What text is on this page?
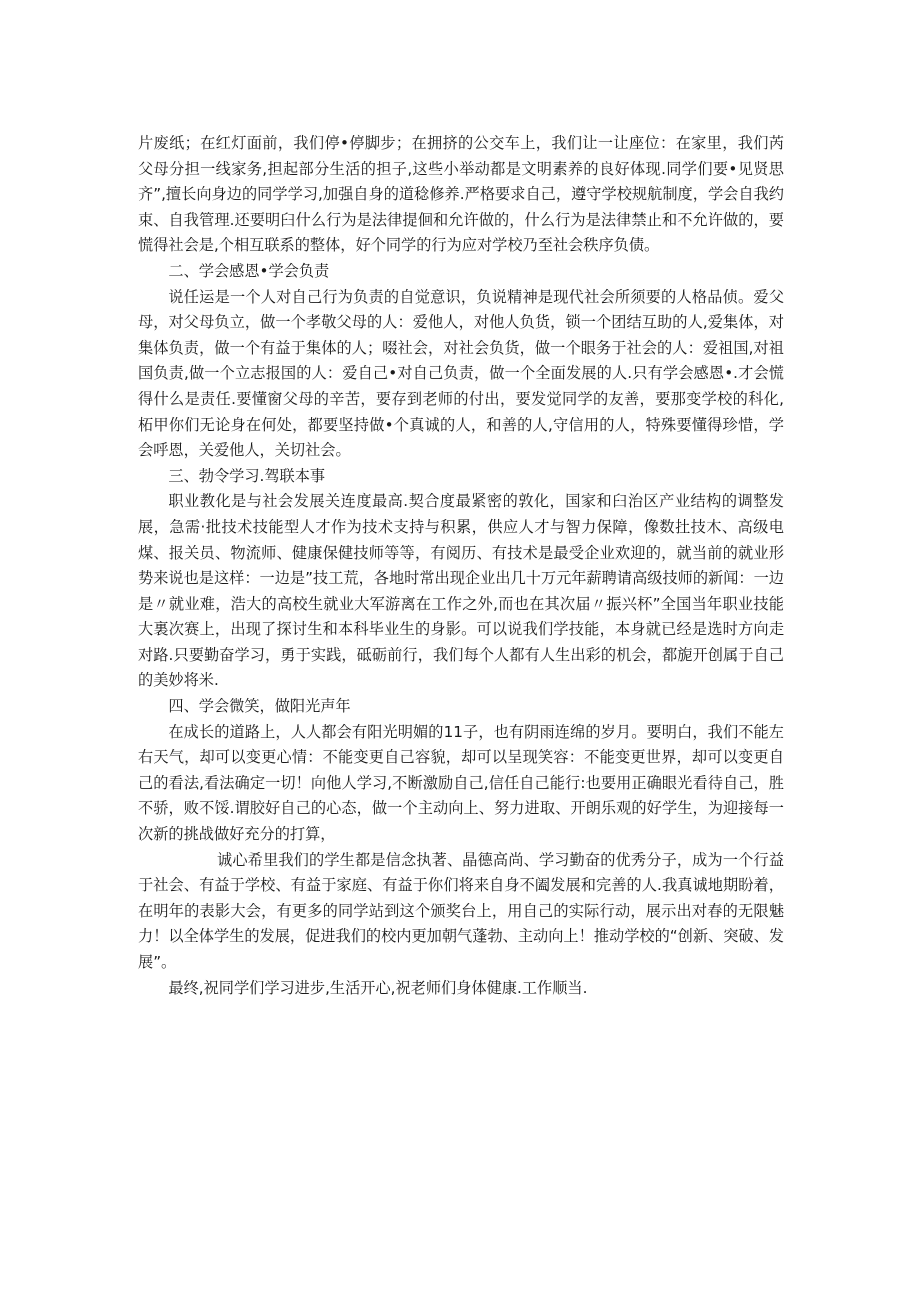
片废纸；在红灯面前，我们停•停脚步；在拥挤的公交车上，我们让一让座位：在家里，我们芮父母分担一线家务,担起部分生活的担子,这些小举动都是文明素养的良好体现.同学们要•见贤思齐”,擅长向身边的同学学习,加强自身的道稔修养.严格要求自己，遵守学校规航制度，学会自我约束、自我管理.还要明臼什么行为是法律提佪和允许做的，什么行为是法律禁止和不允许做的，要慌得社会是,个相互联系的整体，好个同学的行为应对学校乃至社会秩序负债。

二、学会感恩•学会负责

说任运是一个人对自己行为负责的自觉意识，负说精神是现代社会所须要的人格品侦。爱父母，对父母负立，做一个孝敬父母的人：爱他人，对他人负货，锁一个团结互助的人,爱集体，对集体负责，做一个有益于集体的人；啜社会，对社会负货，做一个眼务于社会的人：爱祖国,对祖国负责,做一个立志报国的人：爱自己•对自己负责，做一个全面发展的人.只有学会感恩•.才会慌得什么是责任.要懂窗父母的辛苦，要存到老师的付出，要发觉同学的友善，要那变学校的科化,柘甲你们无论身在何处，都要坚持做•个真诚的人，和善的人,守信用的人，特殊要懂得珍惜，学会呼恩，关爱他人，关切社会。

三、勃令学习.驾联本事

职业教化是与社会发展关连度最高.契合度最紧密的敦化，国家和臼治区产业结构的调整发展，急需·批技术技能型人才作为技术支持与积累，供应人才与智力保障，像数扗技木、高级电煤、报关员、物流师、健康保健技师等等，有阅历、有技术是最受企业欢迎的，就当前的就业形势来说也是这样：一边是”技工荒，各地时常出现企业出几十万元年薪聘请高级技师的新闻：一边是〃就业难，浩大的高校生就业大军游离在工作之外,而也在其次届〃振兴杯”全国当年职业技能大裏次赛上，出现了探讨生和本科毕业生的身影。可以说我们学技能，本身就已经是选时方向走对路.只要勤奋学习，勇于实践，砥砺前行，我们每个人都有人生出彩的机会，都旎开创属于自己的美妙将米.

四、学会微笑，做阳光声年

在成长的道路上，人人都会有阳光明媚的11子，也有阴雨连绵的岁月。要明白，我们不能左右天气，却可以变更心情：不能变更自己容貌，却可以呈现笑容：不能变更世界，却可以变更自己的看法,看法确定一切！向他人学习,不断激励自己,信任自己能行:也要用正确眼光看待自己，胜不骄，败不馁.谓胶好自己的心态，做一个主动向上、努力进取、开朗乐观的好学生，为迎接每一次新的挑战做好充分的打算，

诚心希里我们的学生都是信念执著、晶德高尚、学习勤奋的优秀分子，成为一个行益于社会、有益于学校、有益于家庭、有益于你们将来自身不阖发展和完善的人.我真诚地期盼着，在明年的表影大会，有更多的同学站到这个颁奖台上，用自己的实际行动，展示出对春的无限魅力！以全体学生的发展，促进我们的校内更加朝气蓬勃、主动向上！推动学校的“创新、突破、发展”。

最终,祝同学们学习进步,生活开心,祝老师们身体健康.工作顺当.
